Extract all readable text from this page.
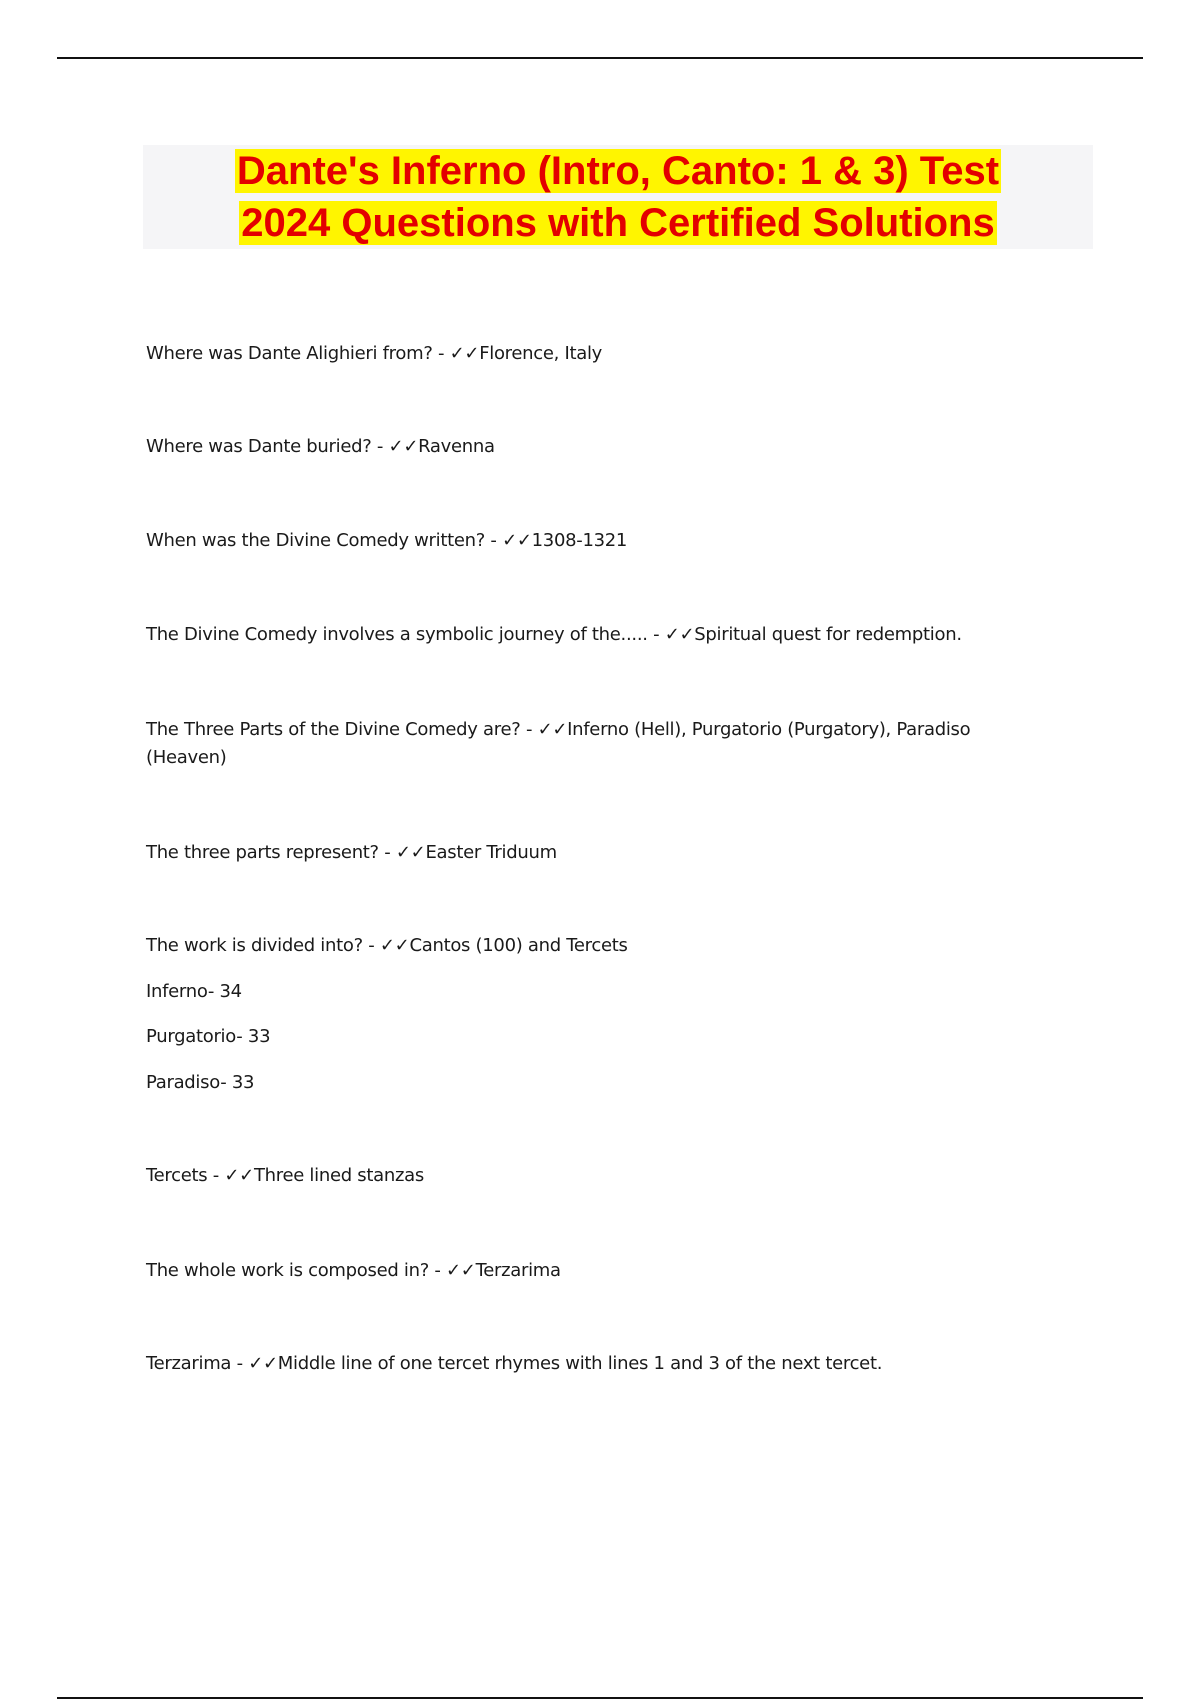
Dante's Inferno (Intro, Canto: 1 & 3) Test
2024 Questions with Certified Solutions

Where was Dante Alighieri from? - ✓✓Florence, Italy

Where was Dante buried? - ✓✓Ravenna

When was the Divine Comedy written? - ✓✓1308-1321

The Divine Comedy involves a symbolic journey of the..... - ✓✓Spiritual quest for redemption.

The Three Parts of the Divine Comedy are? - ✓✓Inferno (Hell), Purgatorio (Purgatory), Paradiso (Heaven)

The three parts represent? - ✓✓Easter Triduum

The work is divided into? - ✓✓Cantos (100) and Tercets

Inferno- 34

Purgatorio- 33

Paradiso- 33

Tercets - ✓✓Three lined stanzas

The whole work is composed in? - ✓✓Terzarima

Terzarima - ✓✓Middle line of one tercet rhymes with lines 1 and 3 of the next tercet.
